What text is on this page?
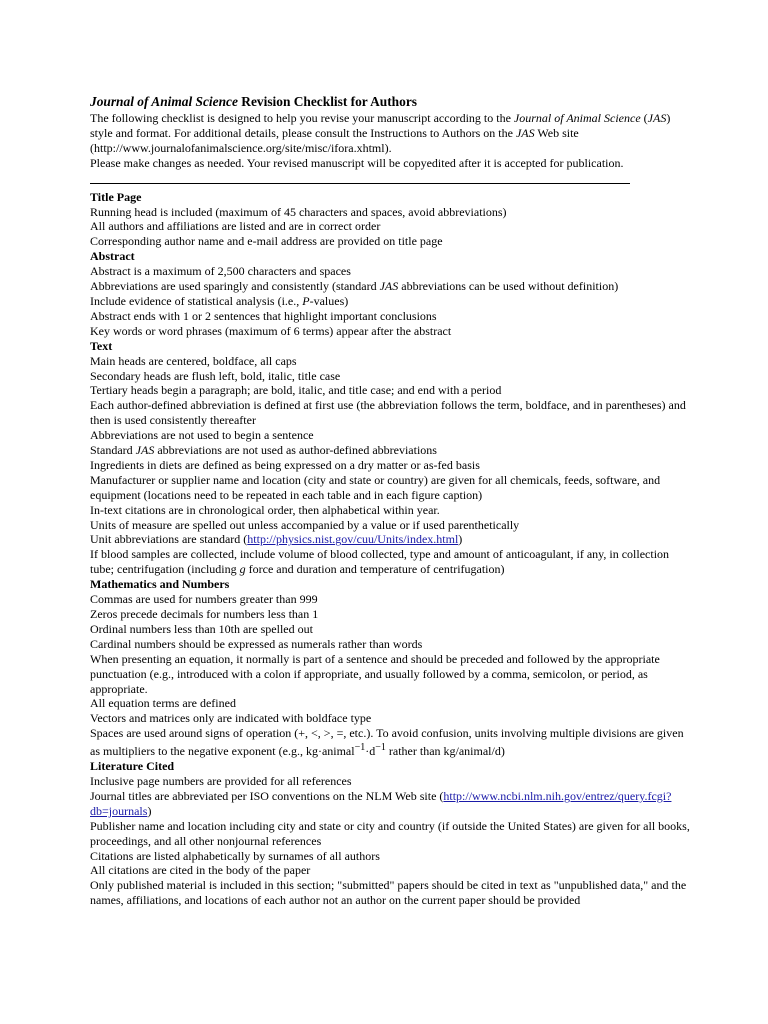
Journal of Animal Science Revision Checklist for Authors

The following checklist is designed to help you revise your manuscript according to the Journal of Animal Science (JAS) style and format. For additional details, please consult the Instructions to Authors on the JAS Web site (http://www.journalofanimalscience.org/site/misc/ifora.xhtml).

Please make changes as needed. Your revised manuscript will be copyedited after it is accepted for publication.

Title Page
Running head is included (maximum of 45 characters and spaces, avoid abbreviations)
All authors and affiliations are listed and are in correct order
Corresponding author name and e-mail address are provided on title page
Abstract
Abstract is a maximum of 2,500 characters and spaces
Abbreviations are used sparingly and consistently (standard JAS abbreviations can be used without definition)
Include evidence of statistical analysis (i.e., P-values)
Abstract ends with 1 or 2 sentences that highlight important conclusions
Key words or word phrases (maximum of 6 terms) appear after the abstract
Text
Main heads are centered, boldface, all caps
Secondary heads are flush left, bold, italic, title case
Tertiary heads begin a paragraph; are bold, italic, and title case; and end with a period
Each author-defined abbreviation is defined at first use (the abbreviation follows the term, boldface, and in parentheses) and then is used consistently thereafter
Abbreviations are not used to begin a sentence
Standard JAS abbreviations are not used as author-defined abbreviations
Ingredients in diets are defined as being expressed on a dry matter or as-fed basis
Manufacturer or supplier name and location (city and state or country) are given for all chemicals, feeds, software, and equipment (locations need to be repeated in each table and in each figure caption)
In-text citations are in chronological order, then alphabetical within year.
Units of measure are spelled out unless accompanied by a value or if used parenthetically
Unit abbreviations are standard (http://physics.nist.gov/cuu/Units/index.html)
If blood samples are collected, include volume of blood collected, type and amount of anticoagulant, if any, in collection tube; centrifugation (including g force and duration and temperature of centrifugation)
Mathematics and Numbers
Commas are used for numbers greater than 999
Zeros precede decimals for numbers less than 1
Ordinal numbers less than 10th are spelled out
Cardinal numbers should be expressed as numerals rather than words
When presenting an equation, it normally is part of a sentence and should be preceded and followed by the appropriate punctuation (e.g., introduced with a colon if appropriate, and usually followed by a comma, semicolon, or period, as appropriate.
All equation terms are defined
Vectors and matrices only are indicated with boldface type
Spaces are used around signs of operation (+, <, >, =, etc.). To avoid confusion, units involving multiple divisions are given as multipliers to the negative exponent (e.g., $kg\cdot animal^{-1}\cdot d^{-1}$ rather than kg/animal/d)
Literature Cited
Inclusive page numbers are provided for all references
Journal titles are abbreviated per ISO conventions on the NLM Web site (http://www.ncbi.nlm.nih.gov/entrez/query.fcgi?db=journals)
Publisher name and location including city and state or city and country (if outside the United States) are given for all books, proceedings, and all other nonjournal references
Citations are listed alphabetically by surnames of all authors
All citations are cited in the body of the paper
Only published material is included in this section; "submitted" papers should be cited in text as "unpublished data," and the names, affiliations, and locations of each author not an author on the current paper should be provided
